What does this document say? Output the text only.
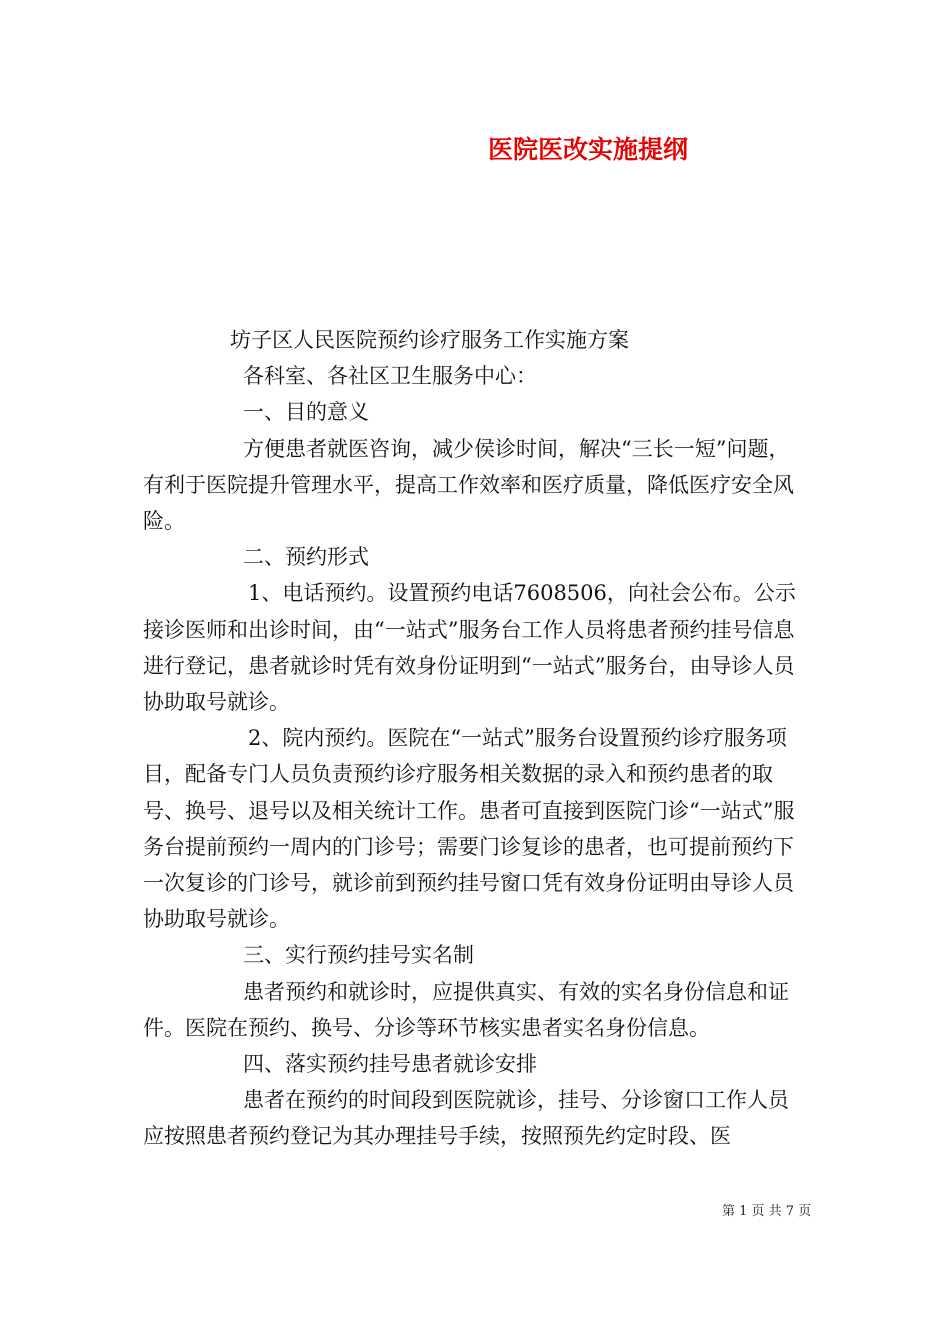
医院医改实施提纲

坊子区人民医院预约诊疗服务工作实施方案

各科室、各社区卫生服务中心：

一、目的意义

方便患者就医咨询，减少侯诊时间，解决“三长一短”问题，有利于医院提升管理水平，提高工作效率和医疗质量，降低医疗安全风险。

二、预约形式

1、电话预约。设置预约电话7608506，向社会公布。公示接诊医师和出诊时间，由“一站式”服务台工作人员将患者预约挂号信息进行登记，患者就诊时凭有效身份证明到“一站式”服务台，由导诊人员协助取号就诊。

2、院内预约。医院在“一站式”服务台设置预约诊疗服务项目，配备专门人员负责预约诊疗服务相关数据的录入和预约患者的取号、换号、退号以及相关统计工作。患者可直接到医院门诊“一站式”服务台提前预约一周内的门诊号；需要门诊复诊的患者，也可提前预约下一次复诊的门诊号，就诊前到预约挂号窗口凭有效身份证明由导诊人员协助取号就诊。

三、实行预约挂号实名制

患者预约和就诊时，应提供真实、有效的实名身份信息和证件。医院在预约、换号、分诊等环节核实患者实名身份信息。

四、落实预约挂号患者就诊安排

患者在预约的时间段到医院就诊，挂号、分诊窗口工作人员应按照患者预约登记为其办理挂号手续，按照预先约定时段、医

第 1 页 共 7 页
